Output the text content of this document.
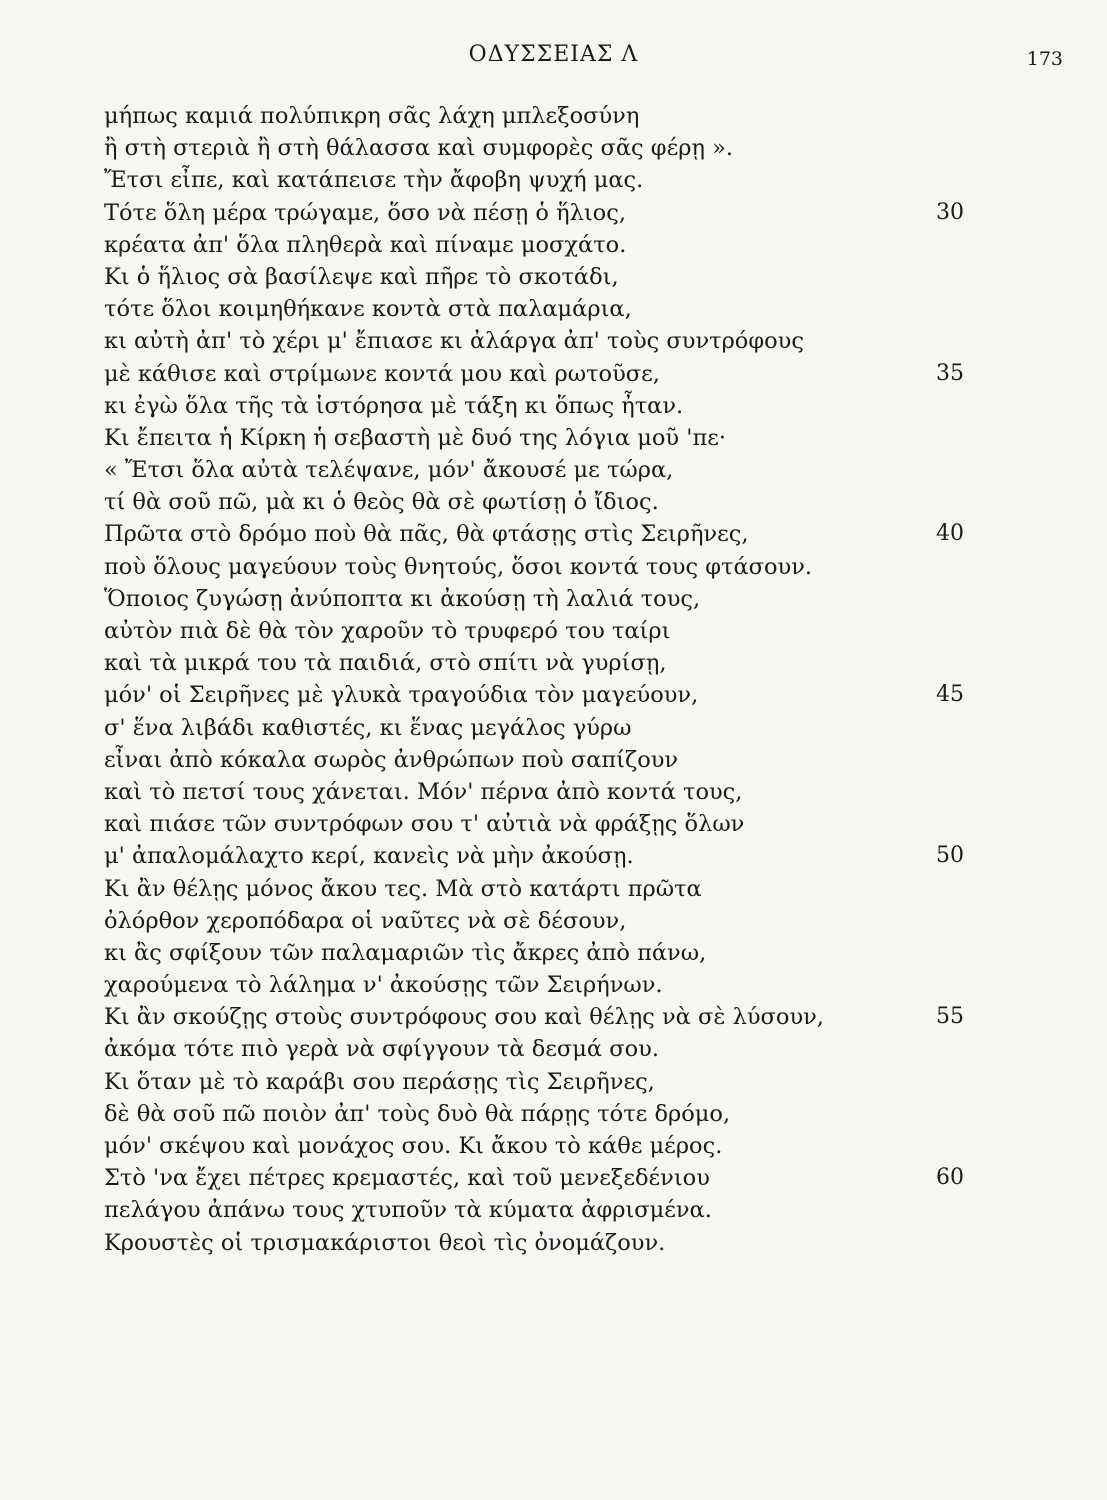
ΟΔΥΣΣΕΙΑΣ Λ	173
μήπως καμιά πολύπικρη σᾶς λάχη μπλεξοσύνη
ἢ στὴ στεριὰ ἢ στὴ θάλασσα καὶ συμφορὲς σᾶς φέρῃ ».
Ἔτσι εἶπε, καὶ κατάπεισε τὴν ἄφοβη ψυχή μας.
Τότε ὅλη μέρα τρώγαμε, ὅσο νὰ πέσῃ ὁ ἥλιος,	30
κρέατα ἀπ' ὅλα πληθερὰ καὶ πίναμε μοσχάτο.
Κι ὁ ἥλιος σὰ βασίλεψε καὶ πῆρε τὸ σκοτάδι,
τότε ὅλοι κοιμηθήκανε κοντὰ στὰ παλαμάρια,
κι αὐτὴ ἀπ' τὸ χέρι μ' ἔπιασε κι ἀλάργα ἀπ' τοὺς συντρόφους
μὲ κάθισε καὶ στρίμωνε κοντά μου καὶ ρωτοῦσε,	35
κι ἐγὼ ὅλα τῆς τὰ ἱστόρησα μὲ τάξη κι ὅπως ἦταν.
Κι ἔπειτα ἡ Κίρκη ἡ σεβαστὴ μὲ δυό της λόγια μοῦ 'πε·
« Ἔτσι ὅλα αὐτὰ τελέψανε, μόν' ἄκουσέ με τώρα,
τί θὰ σοῦ πῶ, μὰ κι ὁ θεὸς θὰ σὲ φωτίσῃ ὁ ἴδιος.
Πρῶτα στὸ δρόμο ποὺ θὰ πᾶς, θὰ φτάσῃς στὶς Σειρῆνες,	40
ποὺ ὅλους μαγεύουν τοὺς θνητούς, ὅσοι κοντά τους φτάσουν.
Ὅποιος ζυγώσῃ ἀνύποπτα κι ἀκούσῃ τὴ λαλιά τους,
αὐτὸν πιὰ δὲ θὰ τὸν χαροῦν τὸ τρυφερό του ταίρι
καὶ τὰ μικρά του τὰ παιδιά, στὸ σπίτι νὰ γυρίσῃ,
μόν' οἱ Σειρῆνες μὲ γλυκὰ τραγούδια τὸν μαγεύουν,	45
σ' ἕνα λιβάδι καθιστές, κι ἕνας μεγάλος γύρω
εἶναι ἀπὸ κόκαλα σωρὸς ἀνθρώπων ποὺ σαπίζουν
καὶ τὸ πετσί τους χάνεται. Μόν' πέρνα ἀπὸ κοντά τους,
καὶ πιάσε τῶν συντρόφων σου τ' αὐτιὰ νὰ φράξῃς ὅλων
μ' ἀπαλομάλαχτο κερί, κανεὶς νὰ μὴν ἀκούσῃ.	50
Κι ἂν θέλῃς μόνος ἄκου τες. Μὰ στὸ κατάρτι πρῶτα
ὀλόρθον χεροπόδαρα οἱ ναῦτες νὰ σὲ δέσουν,
κι ἂς σφίξουν τῶν παλαμαριῶν τὶς ἄκρες ἀπὸ πάνω,
χαρούμενα τὸ λάλημα ν' ἀκούσῃς τῶν Σειρήνων.
Κι ἂν σκούζῃς στοὺς συντρόφους σου καὶ θέλῃς νὰ σὲ λύσουν,	55
ἀκόμα τότε πιὸ γερὰ νὰ σφίγγουν τὰ δεσμά σου.
Κι ὅταν μὲ τὸ καράβι σου περάσῃς τὶς Σειρῆνες,
δὲ θὰ σοῦ πῶ ποιὸν ἀπ' τοὺς δυὸ θὰ πάρῃς τότε δρόμο,
μόν' σκέψου καὶ μονάχος σου. Κι ἄκου τὸ κάθε μέρος.
Στὸ 'να ἔχει πέτρες κρεμαστές, καὶ τοῦ μενεξεδένιου	60
πελάγου ἀπάνω τους χτυποῦν τὰ κύματα ἀφρισμένα.
Κρουστὲς οἱ τρισμακάριστοι θεοὶ τὶς ὀνομάζουν.
